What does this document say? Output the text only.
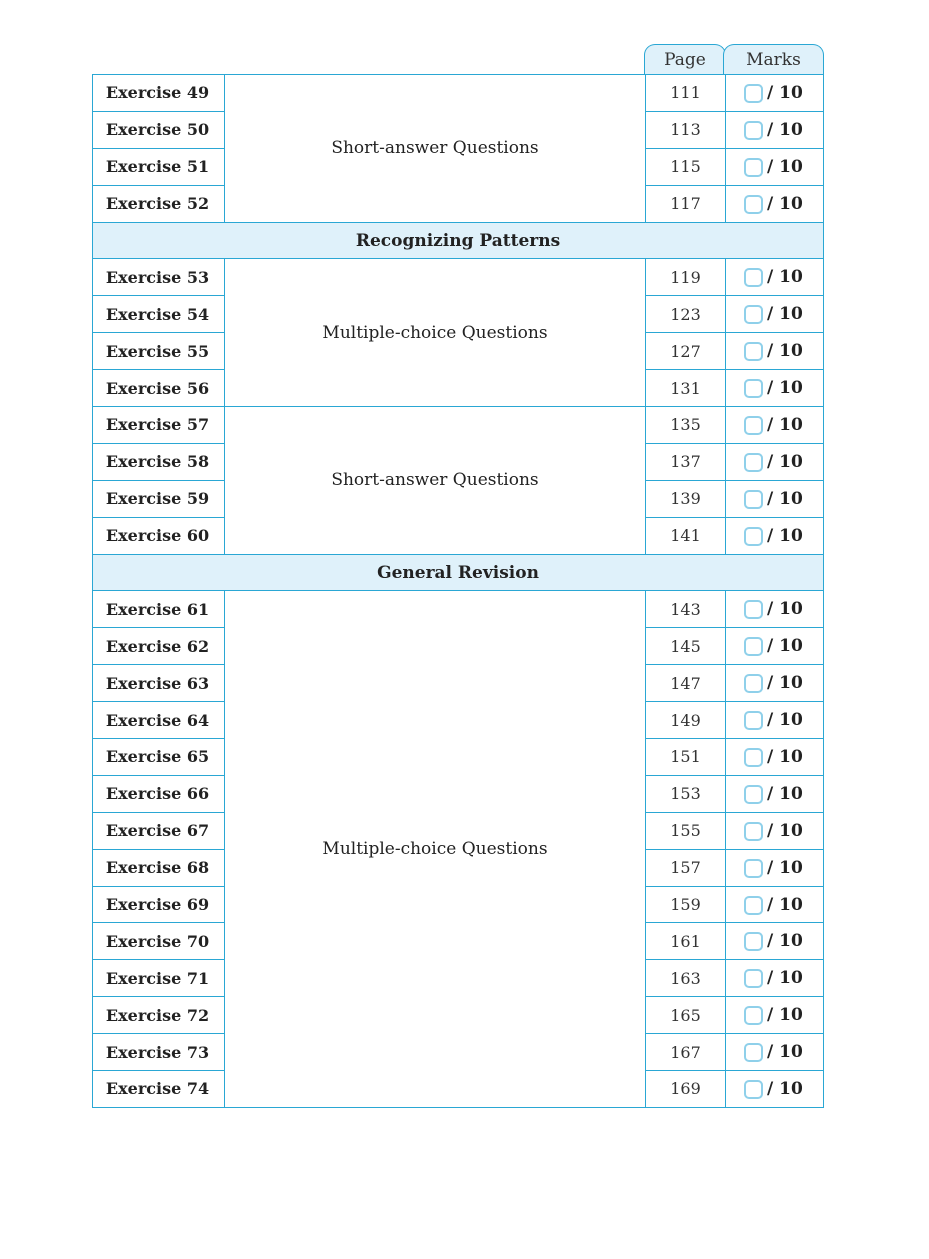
Page	Marks
Exercise 49	Short-answer Questions	111	/ 10
Exercise 50		113	/ 10
Exercise 51		115	/ 10
Exercise 52		117	/ 10
Recognizing Patterns			
Exercise 53	Multiple-choice Questions	119	/ 10
Exercise 54		123	/ 10
Exercise 55		127	/ 10
Exercise 56		131	/ 10
Exercise 57	Short-answer Questions	135	/ 10
Exercise 58		137	/ 10
Exercise 59		139	/ 10
Exercise 60		141	/ 10
General Revision			
Exercise 61	Multiple-choice Questions	143	/ 10
Exercise 62		145	/ 10
Exercise 63		147	/ 10
Exercise 64		149	/ 10
Exercise 65		151	/ 10
Exercise 66		153	/ 10
Exercise 67		155	/ 10
Exercise 68		157	/ 10
Exercise 69		159	/ 10
Exercise 70		161	/ 10
Exercise 71		163	/ 10
Exercise 72		165	/ 10
Exercise 73		167	/ 10
Exercise 74		169	/ 10
